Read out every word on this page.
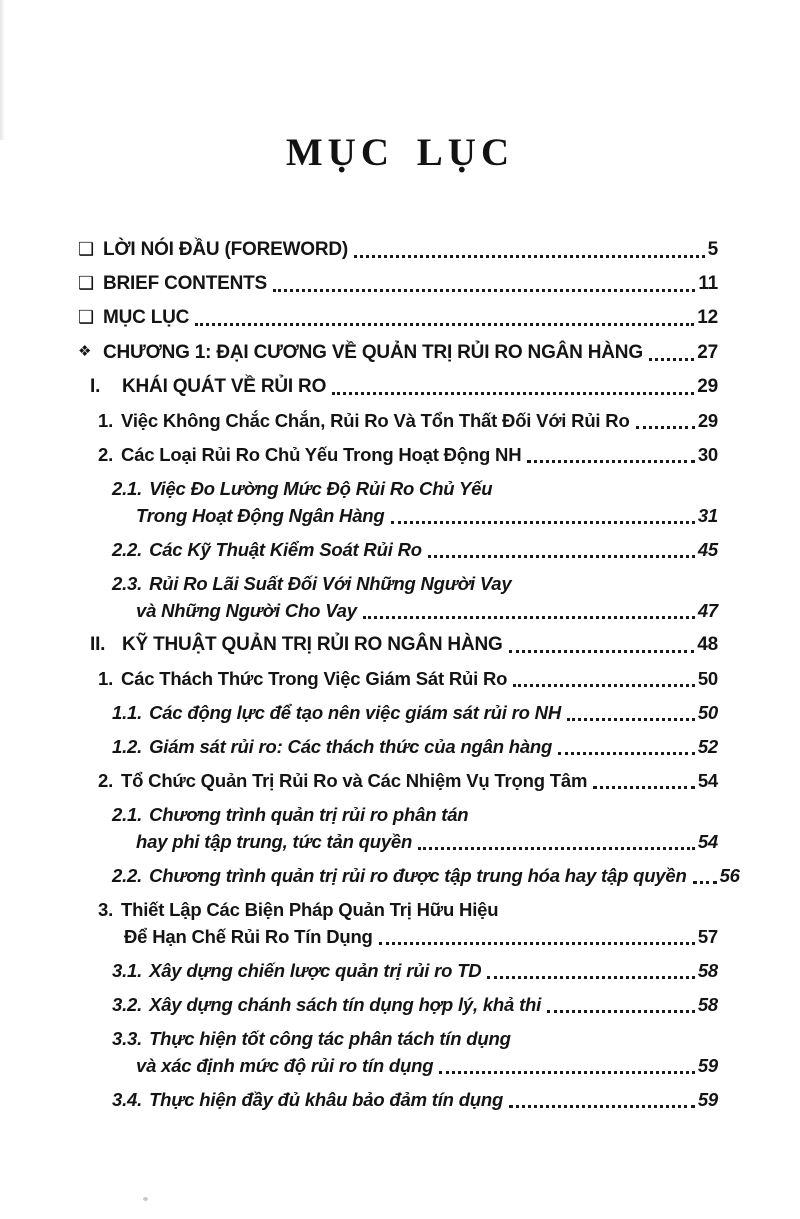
MỤC LỤC
❑ LỜI NÓI ĐẦU (FOREWORD)	5
❑ BRIEF CONTENTS	11
❑ MỤC LỤC	12
❖ CHƯƠNG 1: ĐẠI CƯƠNG VỀ QUẢN TRỊ RỦI RO NGÂN HÀNG	27
I.	KHÁI QUÁT VỀ RỦI RO	29
1. Việc Không Chắc Chắn, Rủi Ro Và Tổn Thất Đối Với Rủi Ro	29
2. Các Loại Rủi Ro Chủ Yếu Trong Hoạt Động NH	30
2.1. Việc Đo Lường Mức Độ Rủi Ro Chủ Yếu
Trong Hoạt Động Ngân Hàng	31
2.2. Các Kỹ Thuật Kiểm Soát Rủi Ro	45
2.3. Rủi Ro Lãi Suất Đối Với Những Người Vay
và Những Người Cho Vay	47
II. KỸ THUẬT QUẢN TRỊ RỦI RO NGÂN HÀNG	48
1. Các Thách Thức Trong Việc Giám Sát Rủi Ro	50
1.1. Các động lực để tạo nên việc giám sát rủi ro NH	50
1.2. Giám sát rủi ro: Các thách thức của ngân hàng	52
2. Tổ Chức Quản Trị Rủi Ro và Các Nhiệm Vụ Trọng Tâm	54
2.1. Chương trình quản trị rủi ro phân tán
hay phi tập trung, tức tản quyền	54
2.2. Chương trình quản trị rủi ro được tập trung hóa hay tập quyền 56
3. Thiết Lập Các Biện Pháp Quản Trị Hữu Hiệu
Để Hạn Chế Rủi Ro Tín Dụng	57
3.1. Xây dựng chiến lược quản trị rủi ro TD	58
3.2. Xây dựng chánh sách tín dụng hợp lý, khả thi	58
3.3. Thực hiện tốt công tác phân tách tín dụng
và xác định mức độ rủi ro tín dụng	59
3.4. Thực hiện đầy đủ khâu bảo đảm tín dụng	59
